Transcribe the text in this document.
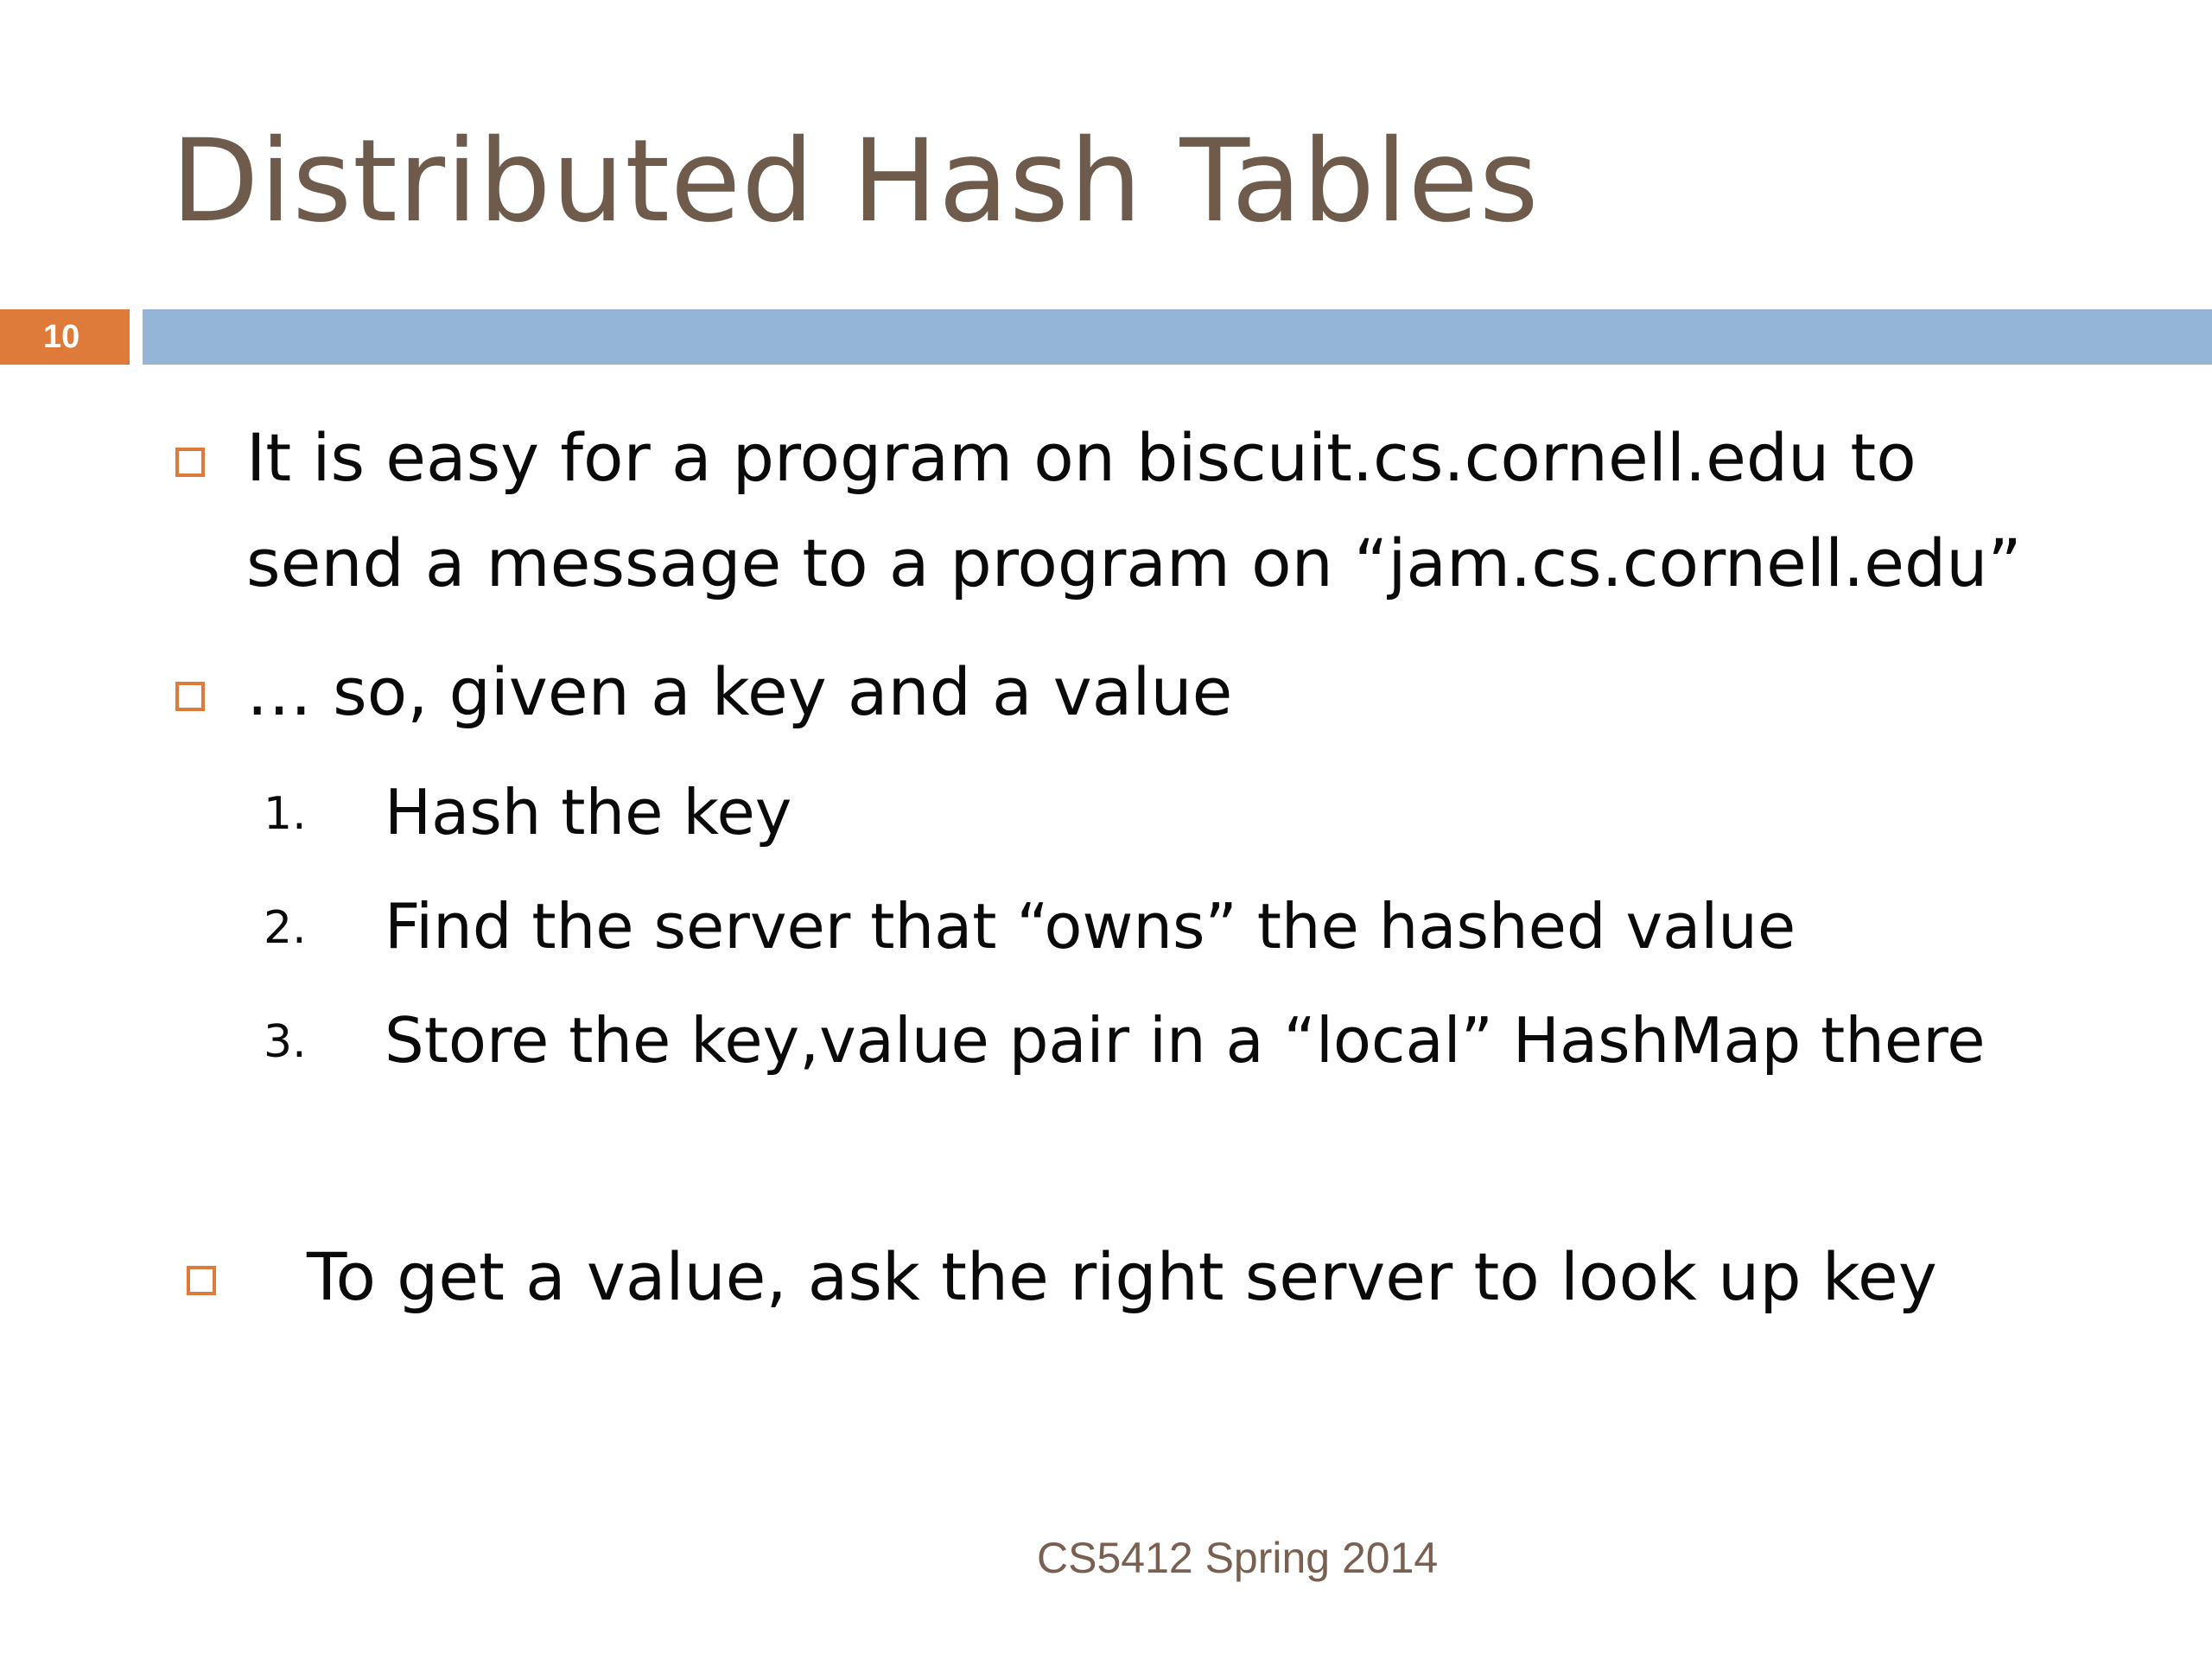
Distributed Hash Tables
10
It is easy for a program on biscuit.cs.cornell.edu to
send a message to a program on “jam.cs.cornell.edu”
… so, given a key and a value
1. Hash the key
2. Find the server that “owns” the hashed value
3. Store the key,value pair in a “local” HashMap there
To get a value, ask the right server to look up key
CS5412 Spring 2014
